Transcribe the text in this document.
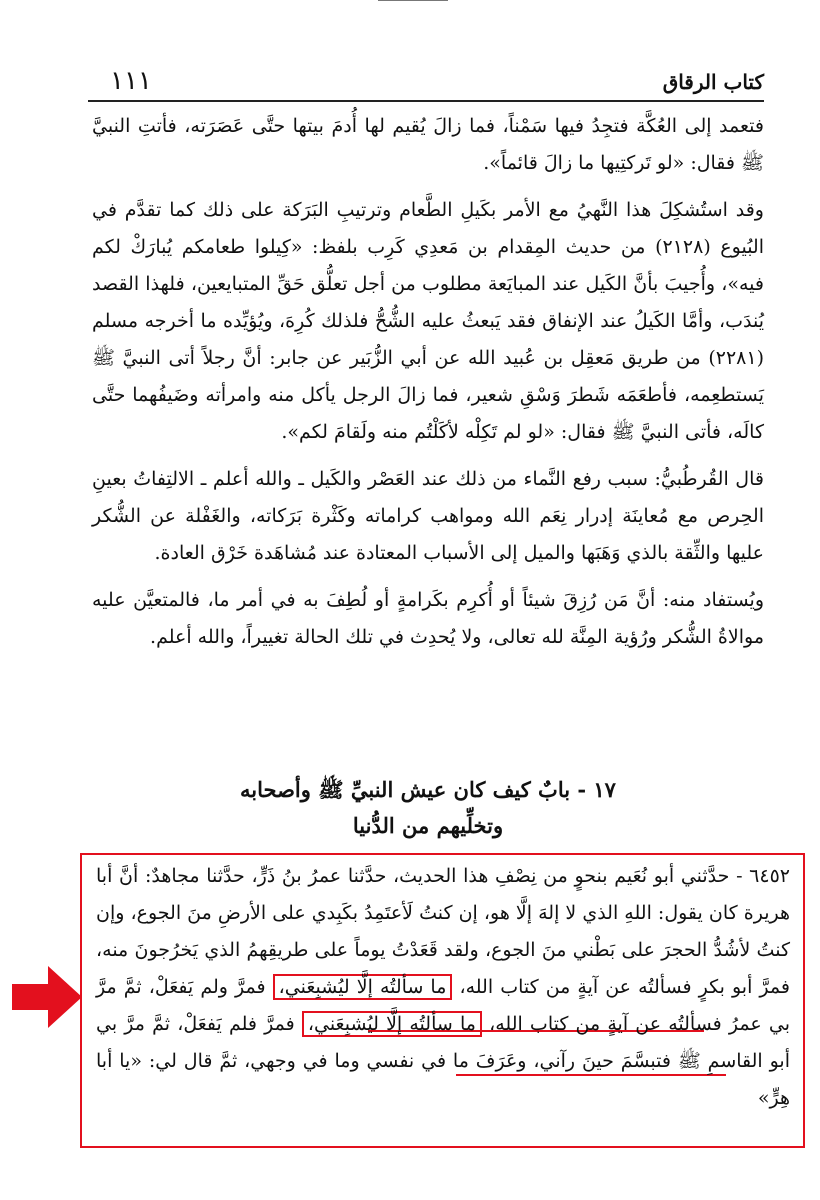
كتاب الرقاق
١١١

فتعمد إلى العُكَّة فتجِدُ فيها سَمْناً، فما زالَ يُقيم لها أُدمَ بيتها حتَّى عَصَرَته، فأتتِ النبيَّ ﷺ فقال: «لو تَركتِيها ما زالَ قائماً».

وقد استُشكِلَ هذا النَّهيُ مع الأمر بكَيلِ الطَّعام وترتيبِ البَرَكة على ذلك كما تقدَّم في البُيوع (٢١٢٨) من حديث المِقدام بن مَعدِي كَرِب بلفظ: «كِيلوا طعامكم يُبارَكْ لكم فيه»، وأُجيبَ بأنَّ الكَيل عند المبايَعة مطلوب من أجل تعلُّق حَقِّ المتبايعين، فلهذا القصد يُندَب، وأمَّا الكَيلُ عند الإنفاق فقد يَبعثُ عليه الشُّحُّ فلذلك كُرِهَ، ويُؤيِّده ما أخرجه مسلم (٢٢٨١) من طريق مَعقِل بن عُبيد الله عن أبي الزُّبَير عن جابر: أنَّ رجلاً أتى النبيَّ ﷺ يَستطعِمه، فأطعَمَه شَطرَ وَسْقِ شعير، فما زالَ الرجل يأكل منه وامرأته وضَيفُهما حتَّى كالَه، فأتى النبيَّ ﷺ فقال: «لو لم تَكِلْه لأكَلْتُم منه ولَقامَ لكم».

قال القُرطُبيُّ: سبب رفع النَّماء من ذلك عند العَصْر والكَيل ـ والله أعلم ـ الالتِفاتُ بعينِ الحِرص مع مُعاينَة إدرار نِعَم الله ومواهب كراماته وكَثْرة بَرَكاته، والغَفْلة عن الشُّكر عليها والثِّقة بالذي وَهَبَها والميل إلى الأسباب المعتادة عند مُشاهَدة خَرْق العادة.

ويُستفاد منه: أنَّ مَن رُزِقَ شيئاً أو أُكرِم بكَرامةٍ أو لُطِفَ به في أمر ما، فالمتعيَّن عليه موالاةُ الشُّكر ورُؤية المِنَّة لله تعالى، ولا يُحدِث في تلك الحالة تغييراً، والله أعلم.

١٧ - بابٌ كيف كان عيش النبيِّ ﷺ وأصحابه
وتخلِّيهم من الدُّنيا

٦٤٥٢ - حدَّثني أبو نُعَيم بنحوٍ من نِصْفِ هذا الحديث، حدَّثنا عمرُ بنُ ذَرٍّ، حدَّثنا مجاهدٌ: أنَّ أبا هريرة كان يقول: اللهِ الذي لا إلهَ إلَّا هو، إن كنتُ لَأعتَمِدُ بكَبِدي على الأرضِ منَ الجوع، وإن كنتُ لأشُدُّ الحجرَ على بَطْني منَ الجوع، ولقد قَعَدْتُ يوماً على طريقِهمُ الذي يَخرُجونَ منه، فمرَّ أبو بكرٍ فسألتُه عن آيةٍ من كتاب الله، ما سألتُه إلَّا ليُشبِعَني، فمرَّ ولم يَفعَلْ، ثمَّ مرَّ بي عمرُ فسألتُه عن آيةٍ من كتاب الله، ما سألتُه إلَّا ليُشبِعَني، فمرَّ فلم يَفعَلْ، ثمَّ مرَّ بي أبو القاسمِ ﷺ فتبسَّمَ حينَ رآني، وعَرَفَ ما في نفسي وما في وجهي، ثمَّ قال لي: «يا أبا هِرٍّ»
